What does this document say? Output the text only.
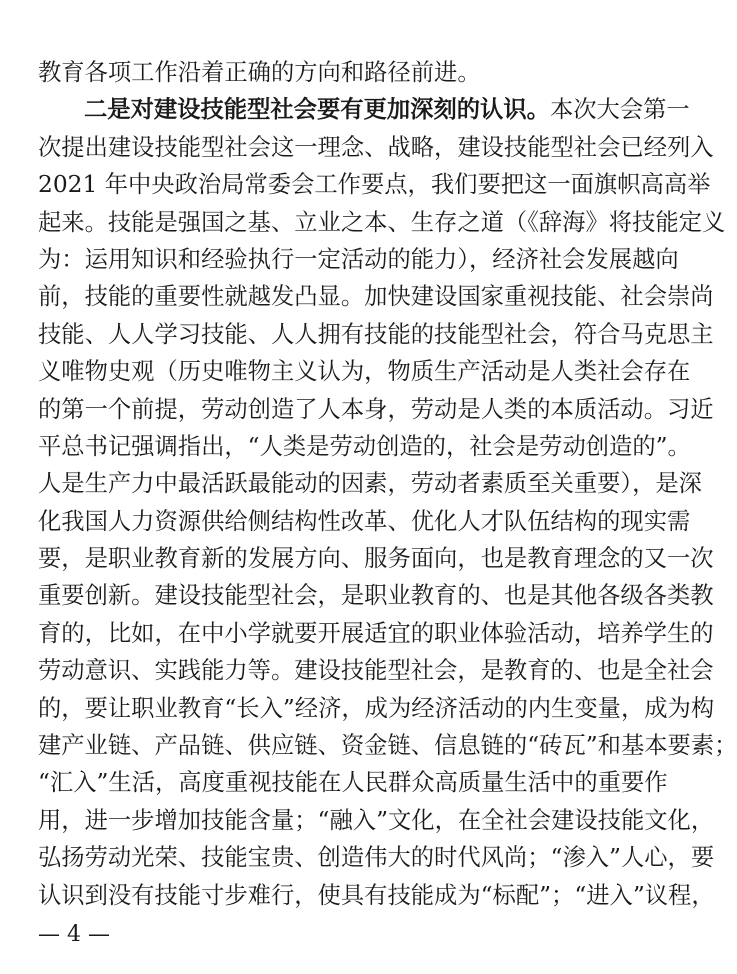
教育各项工作沿着正确的方向和路径前进。
二是对建设技能型社会要有更加深刻的认识。本次大会第一
次提出建设技能型社会这一理念、战略，建设技能型社会已经列入
2021 年中央政治局常委会工作要点，我们要把这一面旗帜高高举
起来。技能是强国之基、立业之本、生存之道（《辞海》将技能定义
为：运用知识和经验执行一定活动的能力），经济社会发展越向
前，技能的重要性就越发凸显。加快建设国家重视技能、社会崇尚
技能、人人学习技能、人人拥有技能的技能型社会，符合马克思主
义唯物史观（历史唯物主义认为，物质生产活动是人类社会存在
的第一个前提，劳动创造了人本身，劳动是人类的本质活动。习近
平总书记强调指出，“人类是劳动创造的，社会是劳动创造的”。
人是生产力中最活跃最能动的因素，劳动者素质至关重要），是深
化我国人力资源供给侧结构性改革、优化人才队伍结构的现实需
要，是职业教育新的发展方向、服务面向，也是教育理念的又一次
重要创新。建设技能型社会，是职业教育的、也是其他各级各类教
育的，比如，在中小学就要开展适宜的职业体验活动，培养学生的
劳动意识、实践能力等。建设技能型社会，是教育的、也是全社会
的，要让职业教育“长入”经济，成为经济活动的内生变量，成为构
建产业链、产品链、供应链、资金链、信息链的“砖瓦”和基本要素；
“汇入”生活，高度重视技能在人民群众高质量生活中的重要作
用，进一步增加技能含量；“融入”文化，在全社会建设技能文化，
弘扬劳动光荣、技能宝贵、创造伟大的时代风尚；“渗入”人心，要
认识到没有技能寸步难行，使具有技能成为“标配”；“进入”议程，
— 4 —
